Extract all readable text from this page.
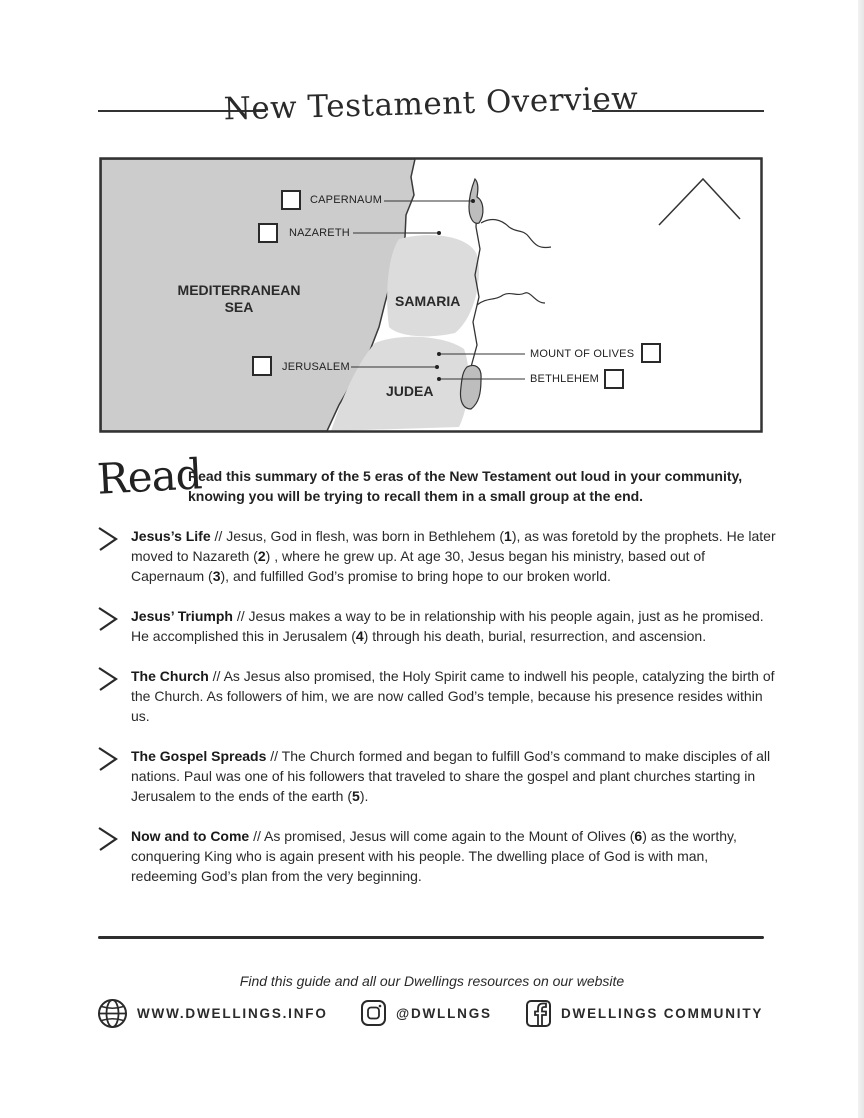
New Testament Overview
CAPERNAUM
NAZARETH
MEDITERRANEAN
SEA	SAMARIA
JERUSALEM
JUDEA
MOUNT OF OLIVES
BETHLEHEM
Read
Read this summary of the 5 eras of the New Testament out loud in your community, knowing you will be trying to recall them in a small group at the end.
Jesus’s Life // Jesus, God in flesh, was born in Bethlehem (1), as was foretold by the prophets. He later moved to Nazareth (2) , where he grew up. At age 30, Jesus began his ministry, based out of Capernaum (3), and fulfilled God’s promise to bring hope to our broken world.
Jesus’ Triumph // Jesus makes a way to be in relationship with his people again, just as he promised. He accomplished this in Jerusalem (4) through his death, burial, resurrection, and ascension.
The Church // As Jesus also promised, the Holy Spirit came to indwell his people, catalyzing the birth of the Church. As followers of him, we are now called God’s temple, because his presence resides within us.
The Gospel Spreads // The Church formed and began to fulfill God’s command to make disciples of all nations. Paul was one of his followers that traveled to share the gospel and plant churches starting in Jerusalem to the ends of the earth (5).
Now and to Come // As promised, Jesus will come again to the Mount of Olives (6) as the worthy, conquering King who is again present with his people. The dwelling place of God is with man, redeeming God’s plan from the very beginning.
Find this guide and all our Dwellings resources on our website
WWW.DWELLINGS.INFO	@DWLLNGS	DWELLINGS COMMUNITY
